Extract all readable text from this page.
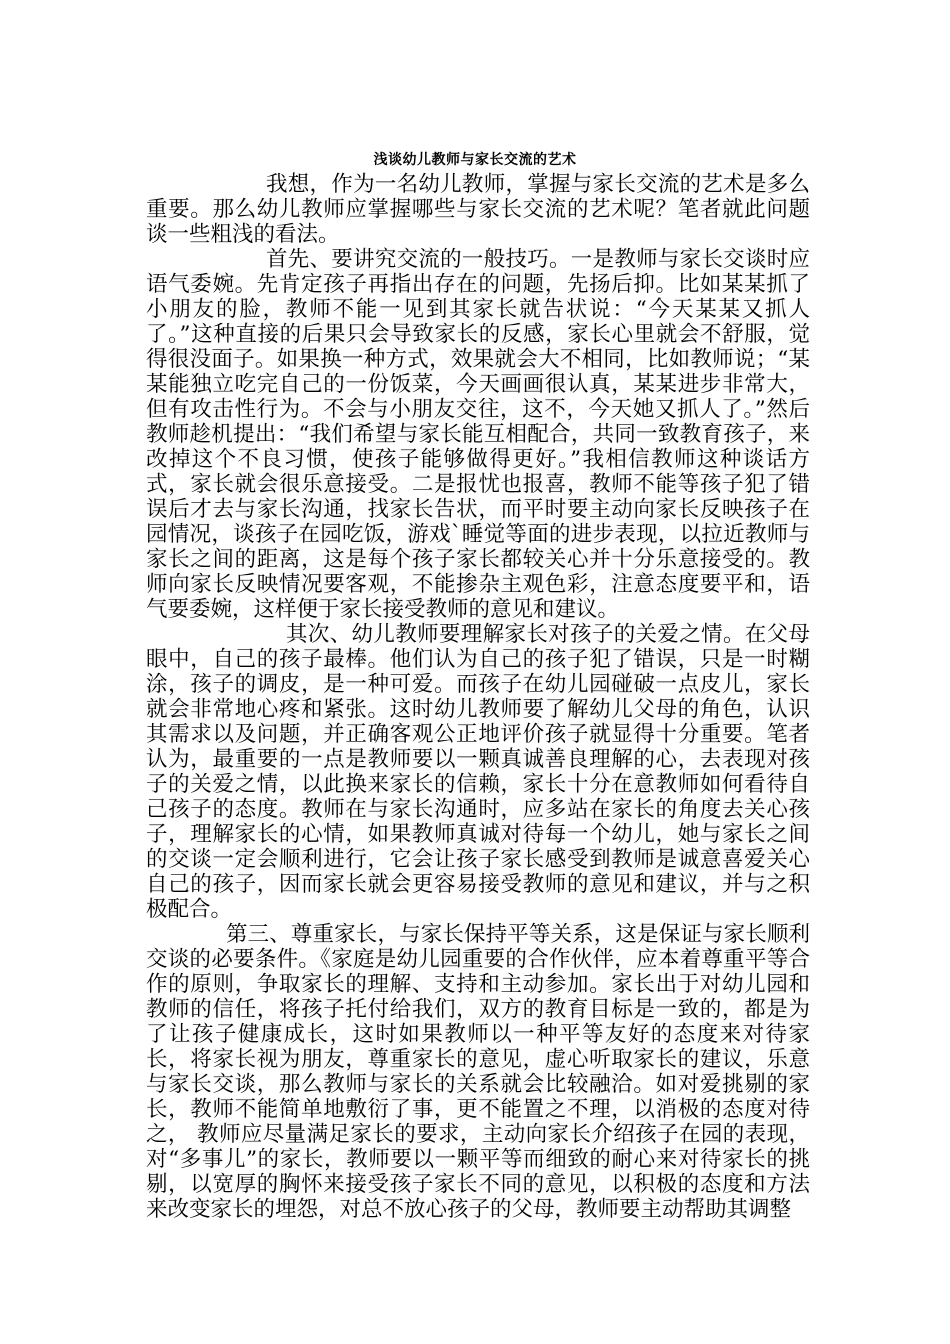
浅谈幼儿教师与家长交流的艺术

我想，作为一名幼儿教师，掌握与家长交流的艺术是多么重要。那么幼儿教师应掌握哪些与家长交流的艺术呢？笔者就此问题谈一些粗浅的看法。

首先、要讲究交流的一般技巧。一是教师与家长交谈时应语气委婉。先肯定孩子再指出存在的问题，先扬后抑。比如某某抓了小朋友的脸，教师不能一见到其家长就告状说：“今天某某又抓人了。”这种直接的后果只会导致家长的反感，家长心里就会不舒服，觉得很没面子。如果换一种方式，效果就会大不相同，比如教师说；“某某能独立吃完自己的一份饭菜，今天画画很认真，某某进步非常大，但有攻击性行为。不会与小朋友交往，这不，今天她又抓人了。”然后教师趁机提出：“我们希望与家长能互相配合，共同一致教育孩子，来改掉这个不良习惯，使孩子能够做得更好。”我相信教师这种谈话方式，家长就会很乐意接受。二是报忧也报喜，教师不能等孩子犯了错误后才去与家长沟通，找家长告状，而平时要主动向家长反映孩子在园情况，谈孩子在园吃饭，游戏`睡觉等面的进步表现，以拉近教师与家长之间的距离，这是每个孩子家长都较关心并十分乐意接受的。教师向家长反映情况要客观，不能掺杂主观色彩，注意态度要平和，语气要委婉，这样便于家长接受教师的意见和建议。

其次、幼儿教师要理解家长对孩子的关爱之情。在父母眼中，自己的孩子最棒。他们认为自己的孩子犯了错误，只是一时糊涂，孩子的调皮，是一种可爱。而孩子在幼儿园碰破一点皮儿，家长就会非常地心疼和紧张。这时幼儿教师要了解幼儿父母的角色，认识其需求以及问题，并正确客观公正地评价孩子就显得十分重要。笔者认为，最重要的一点是教师要以一颗真诚善良理解的心，去表现对孩子的关爱之情，以此换来家长的信赖，家长十分在意教师如何看待自己孩子的态度。教师在与家长沟通时，应多站在家长的角度去关心孩子，理解家长的心情，如果教师真诚对待每一个幼儿，她与家长之间的交谈一定会顺利进行，它会让孩子家长感受到教师是诚意喜爱关心自己的孩子，因而家长就会更容易接受教师的意见和建议，并与之积极配合。

第三、尊重家长，与家长保持平等关系，这是保证与家长顺利交谈的必要条件。《家庭是幼儿园重要的合作伙伴，应本着尊重平等合作的原则，争取家长的理解、支持和主动参加。家长出于对幼儿园和教师的信任，将孩子托付给我们，双方的教育目标是一致的，都是为了让孩子健康成长，这时如果教师以一种平等友好的态度来对待家长，将家长视为朋友，尊重家长的意见，虚心听取家长的建议，乐意与家长交谈，那么教师与家长的关系就会比较融洽。如对爱挑剔的家长，教师不能简单地敷衍了事，更不能置之不理，以消极的态度对待之， 教师应尽量满足家长的要求，主动向家长介绍孩子在园的表现，对“多事儿”的家长，教师要以一颗平等而细致的耐心来对待家长的挑剔，以宽厚的胸怀来接受孩子家长不同的意见，以积极的态度和方法来改变家长的埋怨，对总不放心孩子的父母，教师要主动帮助其调整
